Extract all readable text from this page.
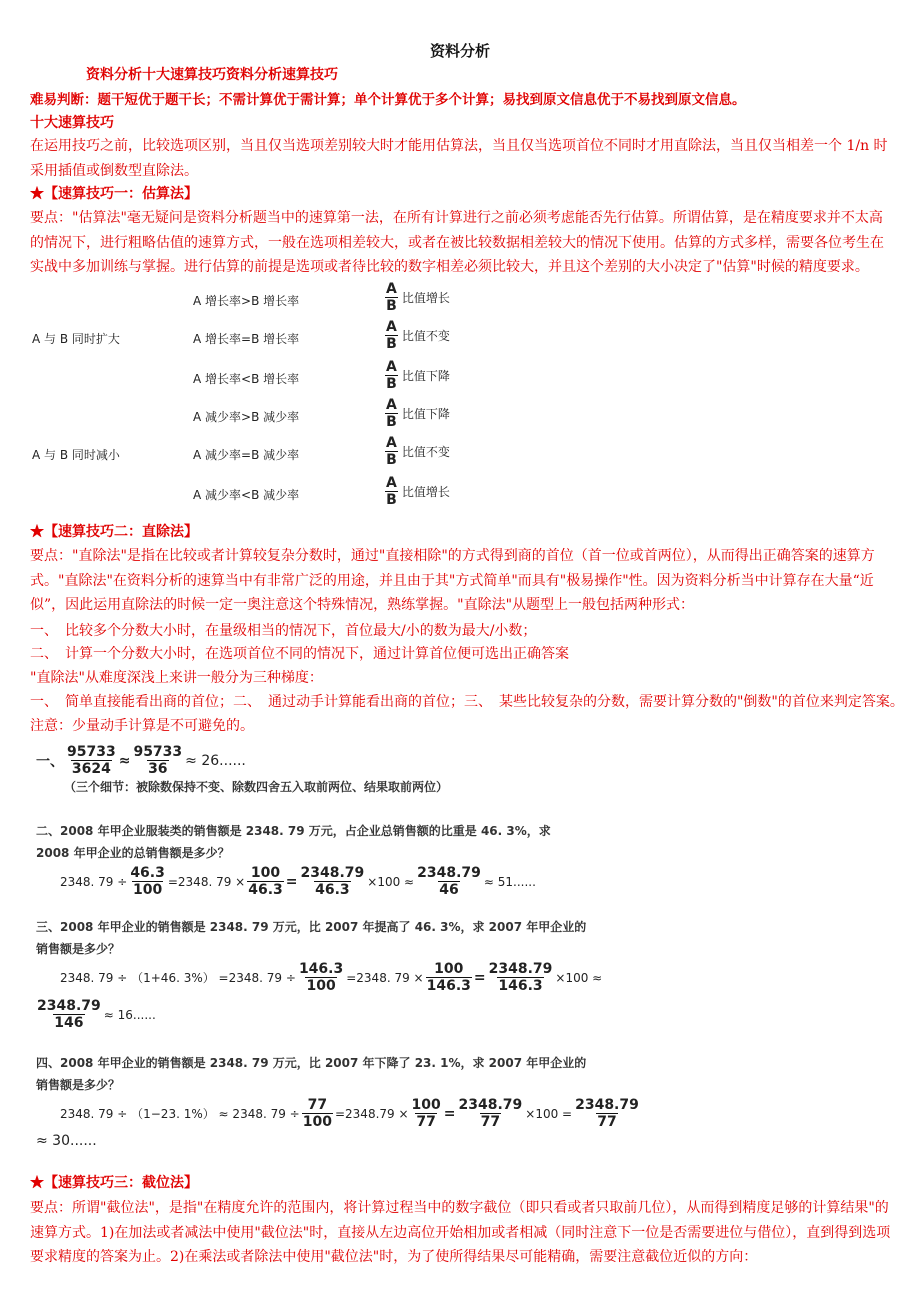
资料分析
资料分析十大速算技巧资料分析速算技巧
难易判断：题干短优于题干长；不需计算优于需计算；单个计算优于多个计算；易找到原文信息优于不易找到原文信息。
十大速算技巧
在运用技巧之前，比较选项区别，当且仅当选项差别较大时才能用估算法，当且仅当选项首位不同时才用直除法，当且仅当相差一个 1/n 时采用插值或倒数型直除法。
★【速算技巧一：估算法】
要点："估算法"毫无疑问是资料分析题当中的速算第一法，在所有计算进行之前必须考虑能否先行估算。所谓估算，是在精度要求并不太高的情况下，进行粗略估值的速算方式，一般在选项相差较大，或者在被比较数据相差较大的情况下使用。估算的方式多样，需要各位考生在实战中多加训练与掌握。进行估算的前提是选项或者待比较的数字相差必须比较大，并且这个差别的大小决定了"估算"时候的精度要求。
A 与 B 同时扩大
A 与 B 同时减小
A 增长率>B 增长率
A 增长率=B 增长率
A 增长率<B 增长率
A 减少率>B 减少率
A 减少率=B 减少率
A 减少率<B 减少率
$\frac{A}{B}$ 比值增长
$\frac{A}{B}$ 比值不变
$\frac{A}{B}$ 比值下降
$\frac{A}{B}$ 比值下降
$\frac{A}{B}$ 比值不变
$\frac{A}{B}$ 比值增长
★【速算技巧二：直除法】
要点："直除法"是指在比较或者计算较复杂分数时，通过"直接相除"的方式得到商的首位（首一位或首两位），从而得出正确答案的速算方式。"直除法"在资料分析的速算当中有非常广泛的用途，并且由于其"方式简单"而具有"极易操作"性。因为资料分析当中计算存在大量“近似”，因此运用直除法的时候一定一奥注意这个特殊情况，熟练掌握。"直除法"从题型上一般包括两种形式：
一、　比较多个分数大小时，在量级相当的情况下，首位最大/小的数为最大/小数；
二、　计算一个分数大小时，在选项首位不同的情况下，通过计算首位便可选出正确答案
"直除法"从难度深浅上来讲一般分为三种梯度：
一、　简单直接能看出商的首位；二、　通过动手计算能看出商的首位；三、　某些比较复杂的分数，需要计算分数的"倒数"的首位来判定答案。
注意：少量动手计算是不可避免的。
一、 $\frac{95733}{3624} \approx \frac{95733}{36} \approx 26$......
（三个细节：被除数保持不变、除数四舍五入取前两位、结果取前两位）
二、2008 年甲企业服装类的销售额是 2348. 79 万元，占企业总销售额的比重是 46. 3%，求
2008 年甲企业的总销售额是多少？
2348. $79 \div \frac{46.3}{100} =2348$. $79 \times \frac{100}{46.3} = \frac{2348.79}{46.3} \times 100 \approx \frac{2348.79}{46} \approx 51$......
三、2008 年甲企业的销售额是 2348. 79 万元，比 2007 年提高了 46. 3%，求 2007 年甲企业的
销售额是多少？
2348. 79 ÷ （1+46. 3%） =2348. $79 \div \frac{146.3}{100} =2348$. $79 \times \frac{100}{146.3} = \frac{2348.79}{146.3} \times 100$ ≈
$\frac{2348.79}{146} \approx 16$......
四、2008 年甲企业的销售额是 2348. 79 万元，比 2007 年下降了 23. 1%，求 2007 年甲企业的
销售额是多少？
2348. 79 ÷ （1−23. 1%） ≈ 2348. $79 \div \frac{77}{100} =2348.79 \times \frac{100}{77} = \frac{2348.79}{77} \times 100 = \frac{2348.79}{77}$
≈ 30......
★【速算技巧三：截位法】
要点：所谓"截位法"，是指"在精度允许的范围内，将计算过程当中的数字截位（即只看或者只取前几位），从而得到精度足够的计算结果"的速算方式。1)在加法或者减法中使用"截位法"时，直接从左边高位开始相加或者相减（同时注意下一位是否需要进位与借位），直到得到选项要求精度的答案为止。2)在乘法或者除法中使用"截位法"时，为了使所得结果尽可能精确，需要注意截位近似的方向：
